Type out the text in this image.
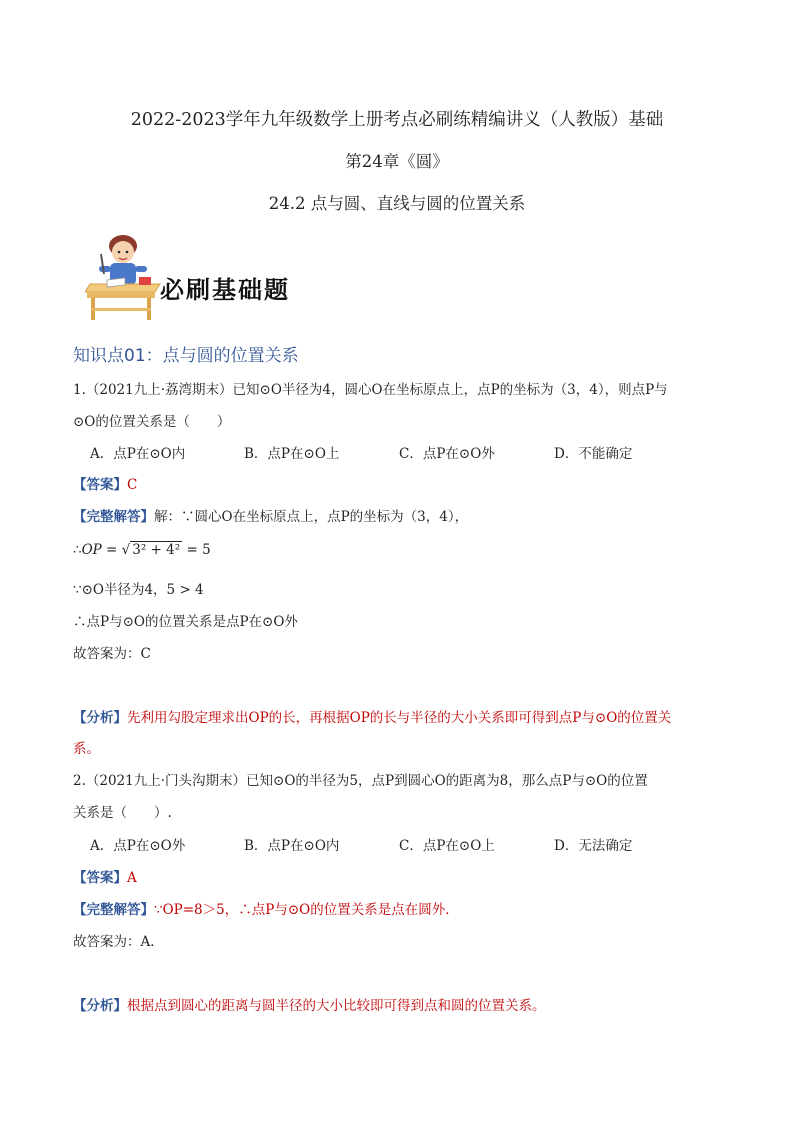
2022-2023学年九年级数学上册考点必刷练精编讲义（人教版）基础
第24章《圆》
24.2 点与圆、直线与圆的位置关系
必刷基础题
知识点01：点与圆的位置关系
1.（2021九上·荔湾期末）已知⊙O半径为4，圆心O在坐标原点上，点P的坐标为（3，4），则点P与
⊙O的位置关系是（　　）
A．点P在⊙O内	B．点P在⊙O上	C．点P在⊙O外	D．不能确定
【答案】C
【完整解答】解：∵圆心O在坐标原点上，点P的坐标为（3，4），
∴OP = √ 3² + 4² = 5
∵⊙O半径为4，5 > 4
∴点P与⊙O的位置关系是点P在⊙O外
故答案为：C
【分析】先利用勾股定理求出OP的长，再根据OP的长与半径的大小关系即可得到点P与⊙O的位置关
系。
2.（2021九上·门头沟期末）已知⊙O的半径为5，点P到圆心O的距离为8，那么点P与⊙O的位置
关系是（　　）.
A．点P在⊙O外	B．点P在⊙O内	C．点P在⊙O上	D．无法确定
【答案】A
【完整解答】∵OP=8＞5，∴点P与⊙O的位置关系是点在圆外．
故答案为：A．
【分析】根据点到圆心的距离与圆半径的大小比较即可得到点和圆的位置关系。
